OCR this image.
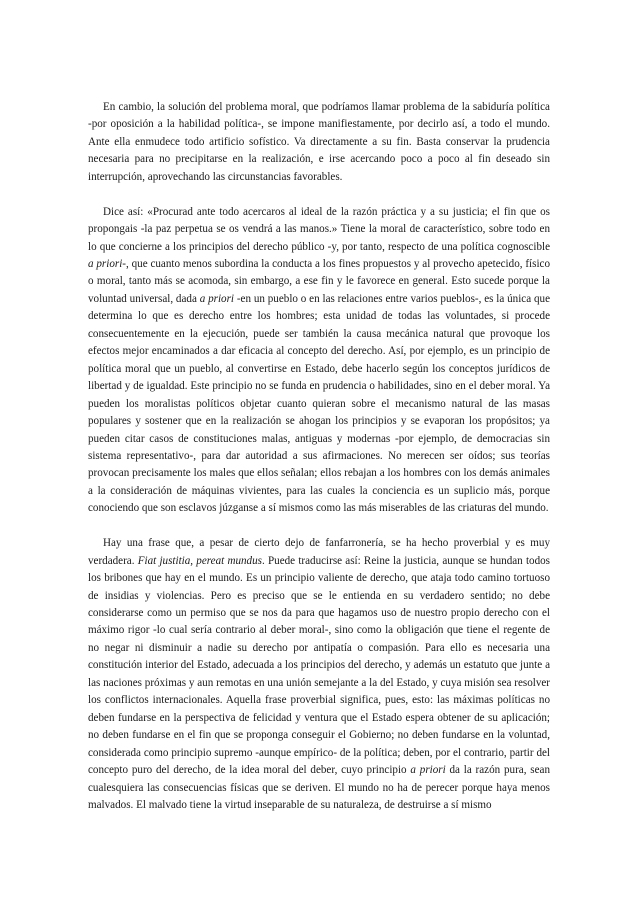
En cambio, la solución del problema moral, que podríamos llamar problema de la sabiduría política -por oposición a la habilidad política-, se impone manifiestamente, por decirlo así, a todo el mundo. Ante ella enmudece todo artificio sofístico. Va directamente a su fin. Basta conservar la prudencia necesaria para no precipitarse en la realización, e irse acercando poco a poco al fin deseado sin interrupción, aprovechando las circunstancias favorables.

Dice así: «Procurad ante todo acercaros al ideal de la razón práctica y a su justicia; el fin que os propongais -la paz perpetua se os vendrá a las manos.» Tiene la moral de característico, sobre todo en lo que concierne a los principios del derecho público -y, por tanto, respecto de una política cognoscible a priori-, que cuanto menos subordina la conducta a los fines propuestos y al provecho apetecido, físico o moral, tanto más se acomoda, sin embargo, a ese fin y le favorece en general. Esto sucede porque la voluntad universal, dada a priori -en un pueblo o en las relaciones entre varios pueblos-, es la única que determina lo que es derecho entre los hombres; esta unidad de todas las voluntades, si procede consecuentemente en la ejecución, puede ser también la causa mecánica natural que provoque los efectos mejor encaminados a dar eficacia al concepto del derecho. Así, por ejemplo, es un principio de política moral que un pueblo, al convertirse en Estado, debe hacerlo según los conceptos jurídicos de libertad y de igualdad. Este principio no se funda en prudencia o habilidades, sino en el deber moral. Ya pueden los moralistas políticos objetar cuanto quieran sobre el mecanismo natural de las masas populares y sostener que en la realización se ahogan los principios y se evaporan los propósitos; ya pueden citar casos de constituciones malas, antiguas y modernas -por ejemplo, de democracias sin sistema representativo-, para dar autoridad a sus afirmaciones. No merecen ser oídos; sus teorías provocan precisamente los males que ellos señalan; ellos rebajan a los hombres con los demás animales a la consideración de máquinas vivientes, para las cuales la conciencia es un suplicio más, porque conociendo que son esclavos júzganse a sí mismos como las más miserables de las criaturas del mundo.

Hay una frase que, a pesar de cierto dejo de fanfarronería, se ha hecho proverbial y es muy verdadera. Fiat justitia, pereat mundus. Puede traducirse así: Reine la justicia, aunque se hundan todos los bribones que hay en el mundo. Es un principio valiente de derecho, que ataja todo camino tortuoso de insidias y violencias. Pero es preciso que se le entienda en su verdadero sentido; no debe considerarse como un permiso que se nos da para que hagamos uso de nuestro propio derecho con el máximo rigor -lo cual sería contrario al deber moral-, sino como la obligación que tiene el regente de no negar ni disminuir a nadie su derecho por antipatía o compasión. Para ello es necesaria una constitución interior del Estado, adecuada a los principios del derecho, y además un estatuto que junte a las naciones próximas y aun remotas en una unión semejante a la del Estado, y cuya misión sea resolver los conflictos internacionales. Aquella frase proverbial significa, pues, esto: las máximas políticas no deben fundarse en la perspectiva de felicidad y ventura que el Estado espera obtener de su aplicación; no deben fundarse en el fin que se proponga conseguir el Gobierno; no deben fundarse en la voluntad, considerada como principio supremo -aunque empírico- de la política; deben, por el contrario, partir del concepto puro del derecho, de la idea moral del deber, cuyo principio a priori da la razón pura, sean cualesquiera las consecuencias físicas que se deriven. El mundo no ha de perecer porque haya menos malvados. El malvado tiene la virtud inseparable de su naturaleza, de destruirse a sí mismo
